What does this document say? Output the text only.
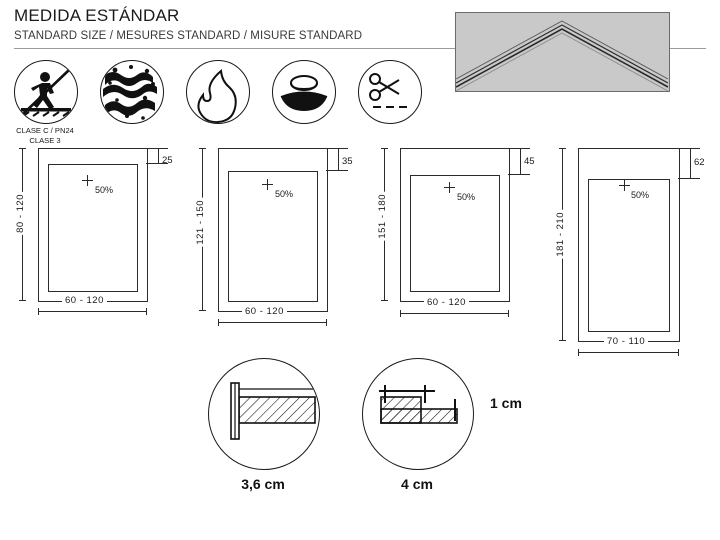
MEDIDA ESTÁNDAR
STANDARD SIZE / MESURES STANDARD / MISURE STANDARD
CLASE C / PN24
CLASE 3
50%
25
80 - 120
60 - 120
50%
35
121 - 150
60 - 120
50%
45
151 - 180
60 - 120
50%
62
181 - 210
70 - 110
3,6 cm	4 cm
1 cm
